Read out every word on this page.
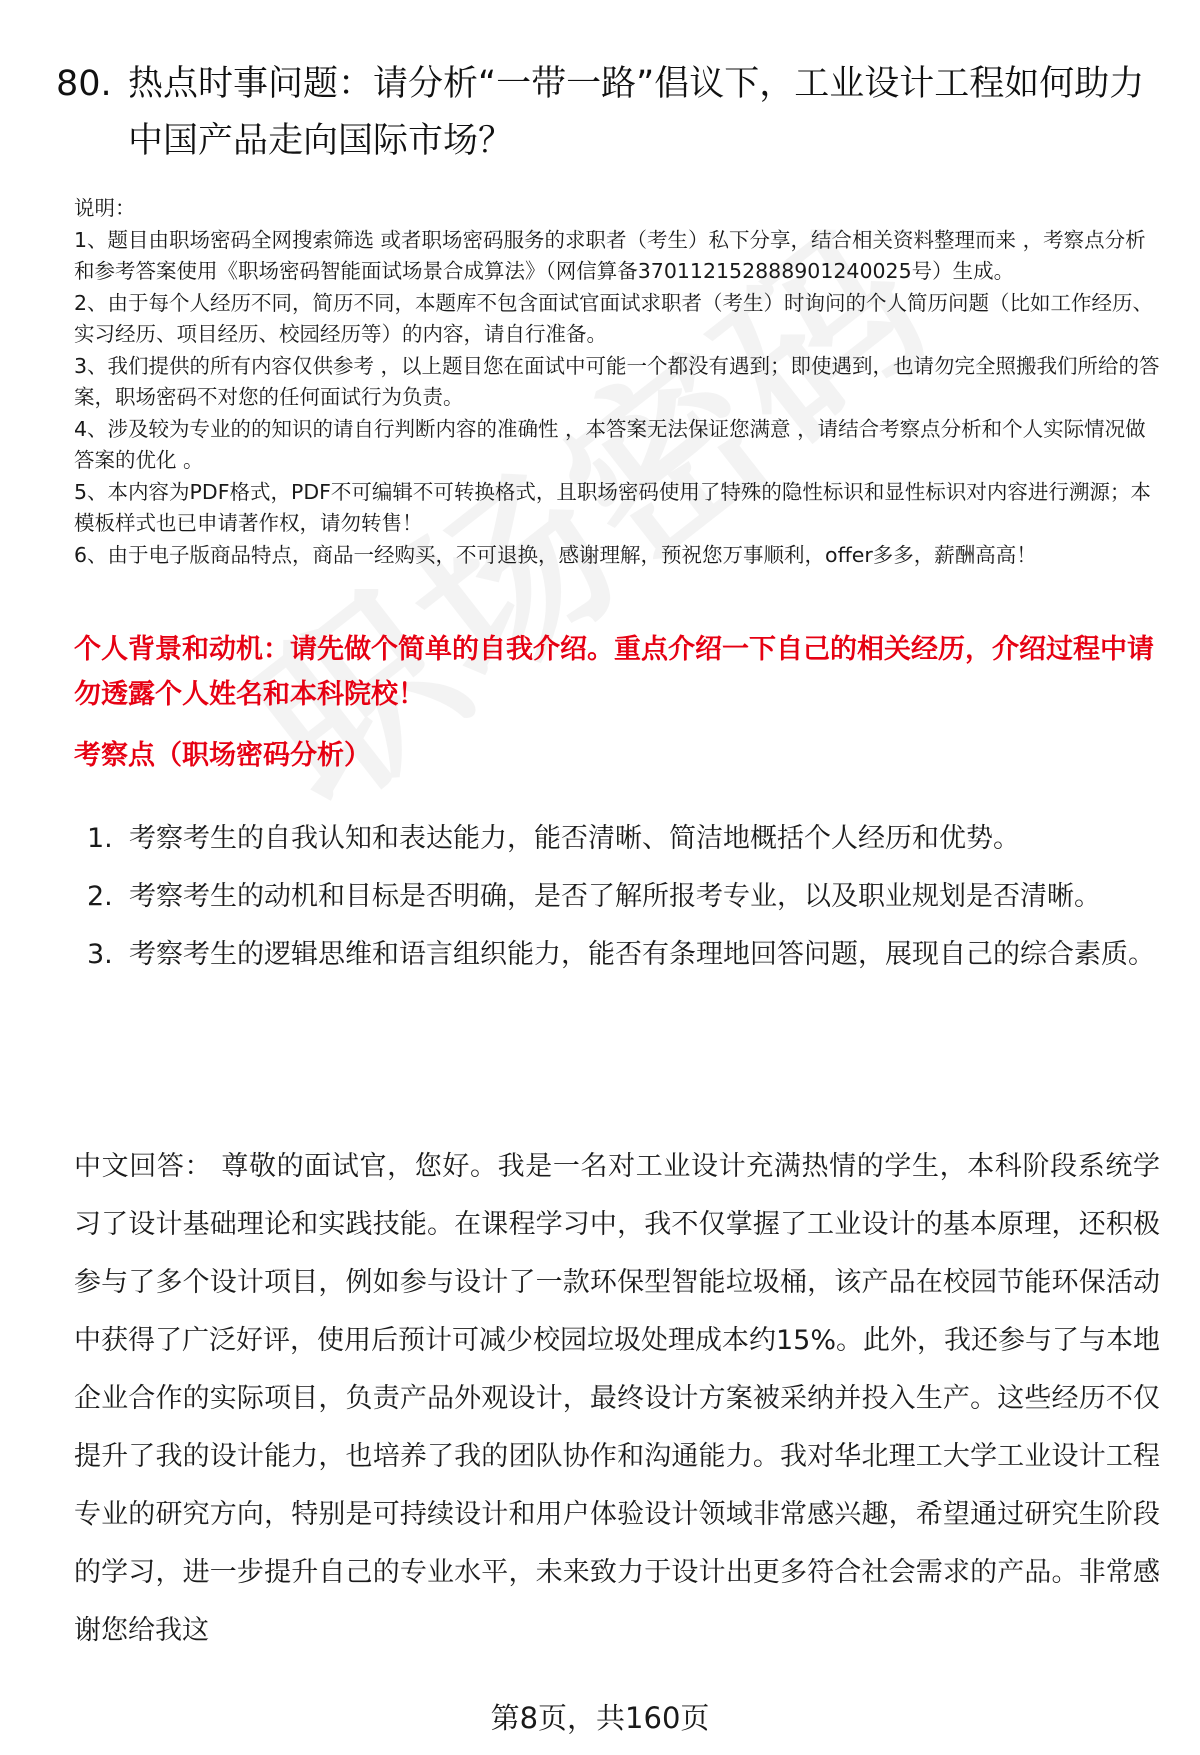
80. 热点时事问题：请分析“一带一路”倡议下，工业设计工程如何助力中国产品走向国际市场？

说明：

1、题目由职场密码全网搜索筛选 或者职场密码服务的求职者（考生）私下分享，结合相关资料整理而来 ，考察点分析和参考答案使用《职场密码智能面试场景合成算法》（网信算备370112152888901240025号）生成。

2、由于每个人经历不同，简历不同，本题库不包含面试官面试求职者（考生）时询问的个人简历问题（比如工作经历、实习经历、项目经历、校园经历等）的内容，请自行准备。

3、我们提供的所有内容仅供参考 ，以上题目您在面试中可能一个都没有遇到；即使遇到，也请勿完全照搬我们所给的答案，职场密码不对您的任何面试行为负责。

4、涉及较为专业的的知识的请自行判断内容的准确性 ，本答案无法保证您满意 ，请结合考察点分析和个人实际情况做答案的优化 。

5、本内容为PDF格式，PDF不可编辑不可转换格式，且职场密码使用了特殊的隐性标识和显性标识对内容进行溯源；本模板样式也已申请著作权，请勿转售！

6、由于电子版商品特点，商品一经购买，不可退换，感谢理解，预祝您万事顺利，offer多多，薪酬高高！

个人背景和动机：请先做个简单的自我介绍。重点介绍一下自己的相关经历，介绍过程中请勿透露个人姓名和本科院校！
考察点（职场密码分析）
1. 考察考生的自我认知和表达能力，能否清晰、简洁地概括个人经历和优势。
2. 考察考生的动机和目标是否明确，是否了解所报考专业，以及职业规划是否清晰。
3. 考察考生的逻辑思维和语言组织能力，能否有条理地回答问题，展现自己的综合素质。

中文回答： 尊敬的面试官，您好。我是一名对工业设计充满热情的学生，本科阶段系统学习了设计基础理论和实践技能。在课程学习中，我不仅掌握了工业设计的基本原理，还积极参与了多个设计项目，例如参与设计了一款环保型智能垃圾桶，该产品在校园节能环保活动中获得了广泛好评，使用后预计可减少校园垃圾处理成本约15%。此外，我还参与了与本地企业合作的实际项目，负责产品外观设计，最终设计方案被采纳并投入生产。这些经历不仅提升了我的设计能力，也培养了我的团队协作和沟通能力。我对华北理工大学工业设计工程专业的研究方向，特别是可持续设计和用户体验设计领域非常感兴趣，希望通过研究生阶段的学习，进一步提升自己的专业水平，未来致力于设计出更多符合社会需求的产品。非常感谢您给我这

第8页，共160页
